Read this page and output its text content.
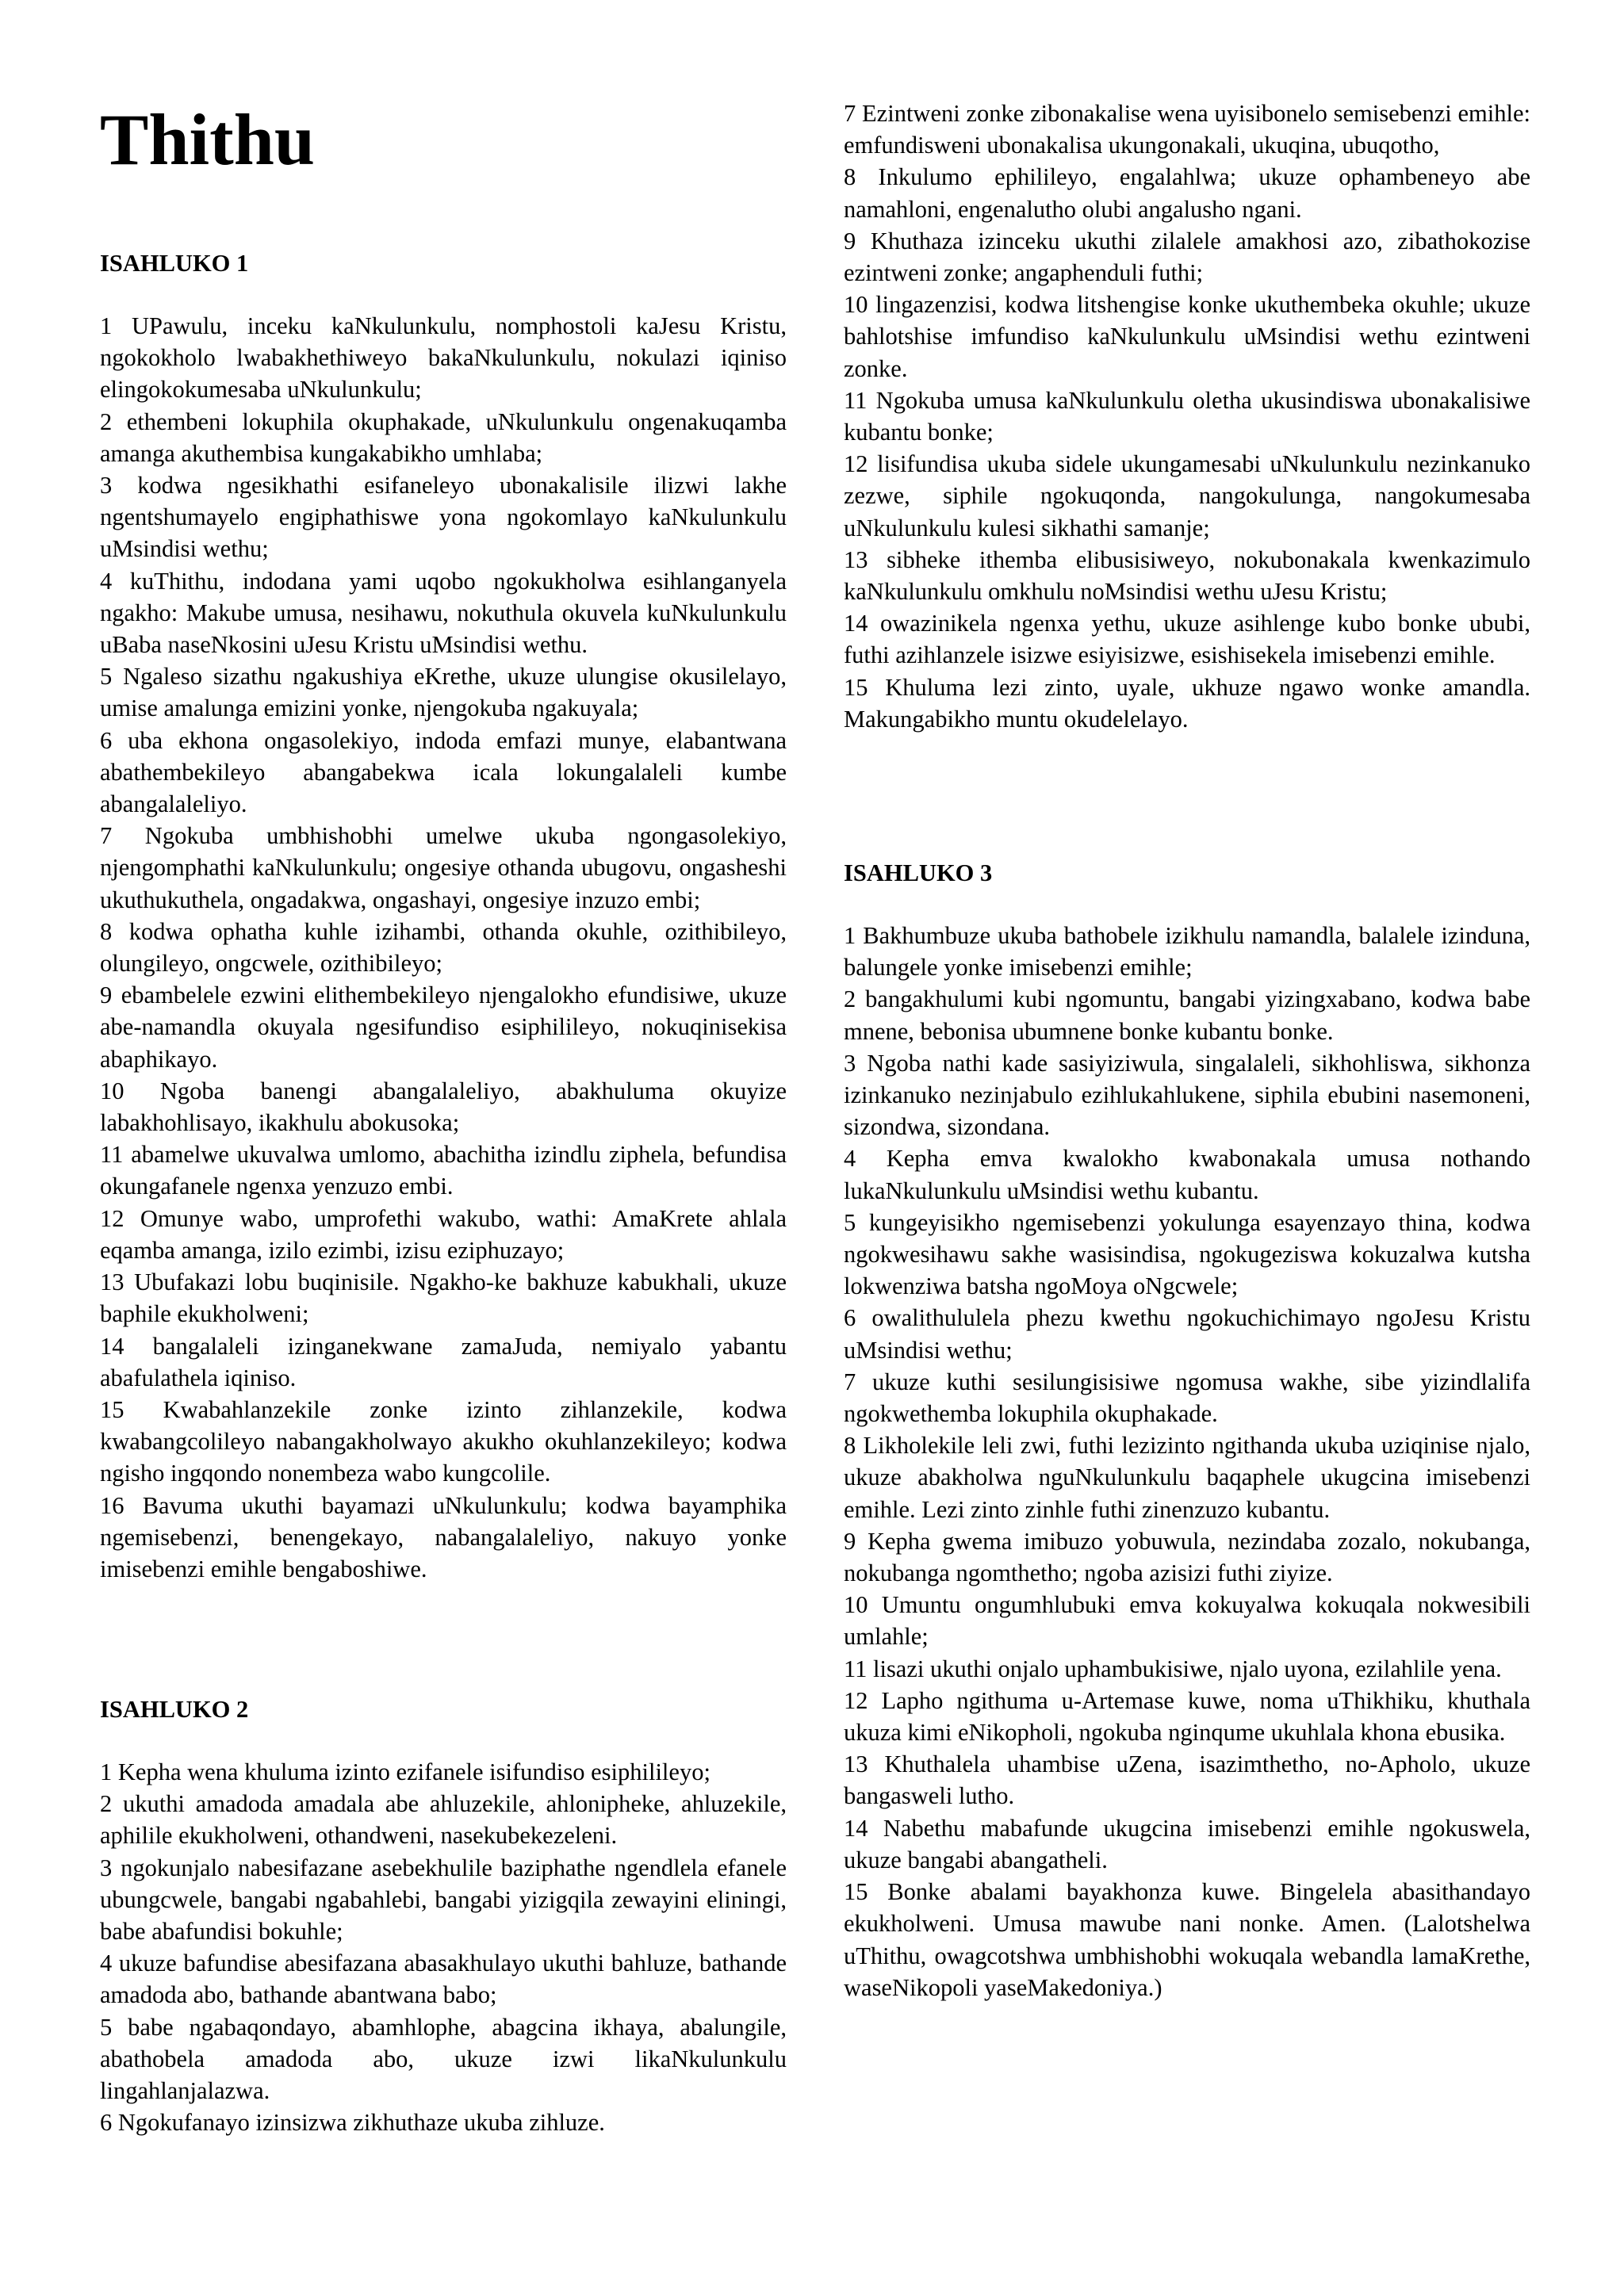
Thithu
ISAHLUKO 1

1 UPawulu, inceku kaNkulunkulu, nomphostoli kaJesu Kristu, ngokokholo lwabakhethiweyo bakaNkulunkulu, nokulazi iqiniso elingokokumesaba uNkulunkulu;

2 ethembeni lokuphila okuphakade, uNkulunkulu ongenakuqamba amanga akuthembisa kungakabikho umhlaba;

3 kodwa ngesikhathi esifaneleyo ubonakalisile ilizwi lakhe ngentshumayelo engiphathiswe yona ngokomlayo kaNkulunkulu uMsindisi wethu;

4 kuThithu, indodana yami uqobo ngokukholwa esihlanganyela ngakho: Makube umusa, nesihawu, nokuthula okuvela kuNkulunkulu uBaba naseNkosini uJesu Kristu uMsindisi wethu.

5 Ngaleso sizathu ngakushiya eKrethe, ukuze ulungise okusilelayo, umise amalunga emizini yonke, njengokuba ngakuyala;

6 uba ekhona ongasolekiyo, indoda emfazi munye, elabantwana abathembekileyo abangabekwa icala lokungalaleli kumbe abangalaleliyo.

7 Ngokuba umbhishobhi umelwe ukuba ngongasolekiyo, njengomphathi kaNkulunkulu; ongesiye othanda ubugovu, ongasheshi ukuthukuthela, ongadakwa, ongashayi, ongesiye inzuzo embi;

8 kodwa ophatha kuhle izihambi, othanda okuhle, ozithibileyo, olungileyo, ongcwele, ozithibileyo;

9 ebambelele ezwini elithembekileyo njengalokho efundisiwe, ukuze abe-namandla okuyala ngesifundiso esiphilileyo, nokuqinisekisa abaphikayo.

10 Ngoba banengi abangalaleliyo, abakhuluma okuyize labakhohlisayo, ikakhulu abokusoka;

11 abamelwe ukuvalwa umlomo, abachitha izindlu ziphela, befundisa okungafanele ngenxa yenzuzo embi.

12 Omunye wabo, umprofethi wakubo, wathi: AmaKrete ahlala eqamba amanga, izilo ezimbi, izisu eziphuzayo;

13 Ubufakazi lobu buqinisile. Ngakho-ke bakhuze kabukhali, ukuze baphile ekukholweni;

14 bangalaleli izinganekwane zamaJuda, nemiyalo yabantu abafulathela iqiniso.

15 Kwabahlanzekile zonke izinto zihlanzekile, kodwa kwabangcolileyo nabangakholwayo akukho okuhlanzekileyo; kodwa ngisho ingqondo nonembeza wabo kungcolile.

16 Bavuma ukuthi bayamazi uNkulunkulu; kodwa bayamphika ngemisebenzi, benengekayo, nabangalaleliyo, nakuyo yonke imisebenzi emihle bengaboshiwe.

ISAHLUKO 2

1 Kepha wena khuluma izinto ezifanele isifundiso esiphilileyo;

2 ukuthi amadoda amadala abe ahluzekile, ahlonipheke, ahluzekile, aphilile ekukholweni, othandweni, nasekubekezeleni.

3 ngokunjalo nabesifazane asebekhulile baziphathe ngendlela efanele ubungcwele, bangabi ngabahlebi, bangabi yizigqila zewayini eliningi, babe abafundisi bokuhle;

4 ukuze bafundise abesifazana abasakhulayo ukuthi bahluze, bathande amadoda abo, bathande abantwana babo;

5 babe ngabaqondayo, abamhlophe, abagcina ikhaya, abalungile, abathobela amadoda abo, ukuze izwi likaNkulunkulu lingahlanjalazwa.

6 Ngokufanayo izinsizwa zikhuthaze ukuba zihluze.

7 Ezintweni zonke zibonakalise wena uyisibonelo semisebenzi emihle: emfundisweni ubonakalisa ukungonakali, ukuqina, ubuqotho,

8 Inkulumo ephilileyo, engalahlwa; ukuze ophambeneyo abe namahloni, engenalutho olubi angalusho ngani.

9 Khuthaza izinceku ukuthi zilalele amakhosi azo, zibathokozise ezintweni zonke; angaphenduli futhi;

10 lingazenzisi, kodwa litshengise konke ukuthembeka okuhle; ukuze bahlotshise imfundiso kaNkulunkulu uMsindisi wethu ezintweni zonke.

11 Ngokuba umusa kaNkulunkulu oletha ukusindiswa ubonakalisiwe kubantu bonke;

12 lisifundisa ukuba sidele ukungamesabi uNkulunkulu nezinkanuko zezwe, siphile ngokuqonda, nangokulunga, nangokumesaba uNkulunkulu kulesi sikhathi samanje;

13 sibheke ithemba elibusisiweyo, nokubonakala kwenkazimulo kaNkulunkulu omkhulu noMsindisi wethu uJesu Kristu;

14 owazinikela ngenxa yethu, ukuze asihlenge kubo bonke ububi, futhi azihlanzele isizwe esiyisizwe, esishisekela imisebenzi emihle.

15 Khuluma lezi zinto, uyale, ukhuze ngawo wonke amandla. Makungabikho muntu okudelelayo.

ISAHLUKO 3

1 Bakhumbuze ukuba bathobele izikhulu namandla, balalele izinduna, balungele yonke imisebenzi emihle;

2 bangakhulumi kubi ngomuntu, bangabi yizingxabano, kodwa babe mnene, bebonisa ubumnene bonke kubantu bonke.

3 Ngoba nathi kade sasiyiziwula, singalaleli, sikhohliswa, sikhonza izinkanuko nezinjabulo ezihlukahlukene, siphila ebubini nasemoneni, sizondwa, sizondana.

4 Kepha emva kwalokho kwabonakala umusa nothando lukaNkulunkulu uMsindisi wethu kubantu.

5 kungeyisikho ngemisebenzi yokulunga esayenzayo thina, kodwa ngokwesihawu sakhe wasisindisa, ngokugeziswa kokuzalwa kutsha lokwenziwa batsha ngoMoya oNgcwele;

6 owalithululela phezu kwethu ngokuchichimayo ngoJesu Kristu uMsindisi wethu;

7 ukuze kuthi sesilungisisiwe ngomusa wakhe, sibe yizindlalifa ngokwethemba lokuphila okuphakade.

8 Likholekile leli zwi, futhi lezizinto ngithanda ukuba uziqinise njalo, ukuze abakholwa nguNkulunkulu baqaphele ukugcina imisebenzi emihle. Lezi zinto zinhle futhi zinenzuzo kubantu.

9 Kepha gwema imibuzo yobuwula, nezindaba zozalo, nokubanga, nokubanga ngomthetho; ngoba azisizi futhi ziyize.

10 Umuntu ongumhlubuki emva kokuyalwa kokuqala nokwesibili umlahle;

11 lisazi ukuthi onjalo uphambukisiwe, njalo uyona, ezilahlile yena.

12 Lapho ngithuma u-Artemase kuwe, noma uThikhiku, khuthala ukuza kimi eNikopholi, ngokuba nginqume ukuhlala khona ebusika.

13 Khuthalela uhambise uZena, isazimthetho, no-Apholo, ukuze bangasweli lutho.

14 Nabethu mabafunde ukugcina imisebenzi emihle ngokuswela, ukuze bangabi abangatheli.

15 Bonke abalami bayakhonza kuwe. Bingelela abasithandayo ekukholweni. Umusa mawube nani nonke. Amen. (Lalotshelwa uThithu, owagcotshwa umbhishobhi wokuqala webandla lamaKrethe, waseNikopoli yaseMakedoniya.)
